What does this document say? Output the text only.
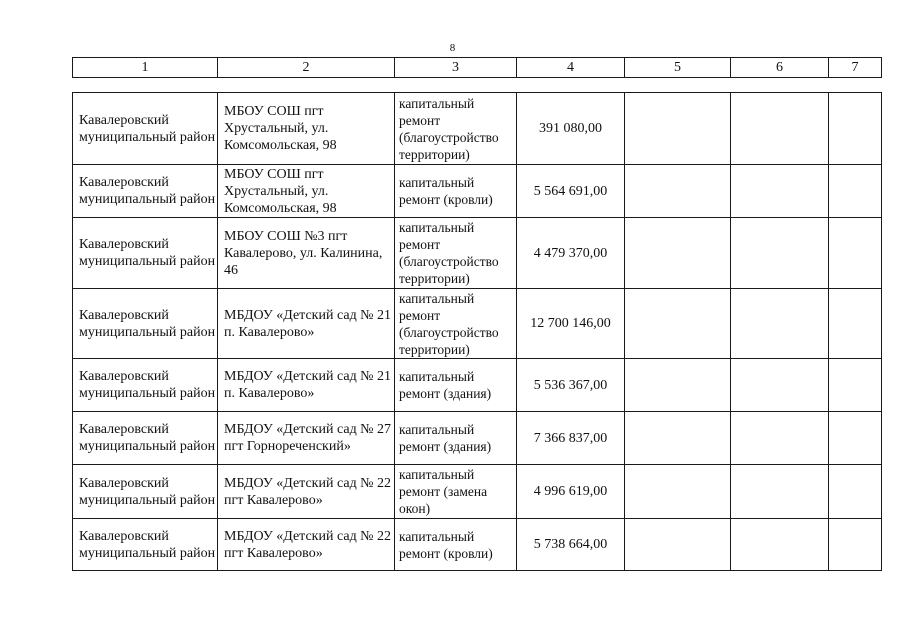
8
1	2	3	4	5	6	7
Кавалеровский муниципальный район	МБОУ СОШ пгт Хрустальный, ул. Комсомольская, 98	капитальный ремонт (благоустройство территории)	391 080,00			
Кавалеровский муниципальный район	МБОУ СОШ пгт Хрустальный, ул. Комсомольская, 98	капитальный ремонт (кровли)	5 564 691,00			
Кавалеровский муниципальный район	МБОУ СОШ №3 пгт Кавалерово, ул. Калинина, 46	капитальный ремонт (благоустройство территории)	4 479 370,00			
Кавалеровский муниципальный район	МБДОУ «Детский сад № 21 п. Кавалерово»	капитальный ремонт (благоустройство территории)	12 700 146,00			
Кавалеровский муниципальный район	МБДОУ «Детский сад № 21 п. Кавалерово»	капитальный ремонт (здания)	5 536 367,00			
Кавалеровский муниципальный район	МБДОУ «Детский сад № 27 пгт Горнореченский»	капитальный ремонт (здания)	7 366 837,00			
Кавалеровский муниципальный район	МБДОУ «Детский сад № 22 пгт Кавалерово»	капитальный ремонт (замена окон)	4 996 619,00			
Кавалеровский муниципальный район	МБДОУ «Детский сад № 22 пгт Кавалерово»	капитальный ремонт (кровли)	5 738 664,00			
